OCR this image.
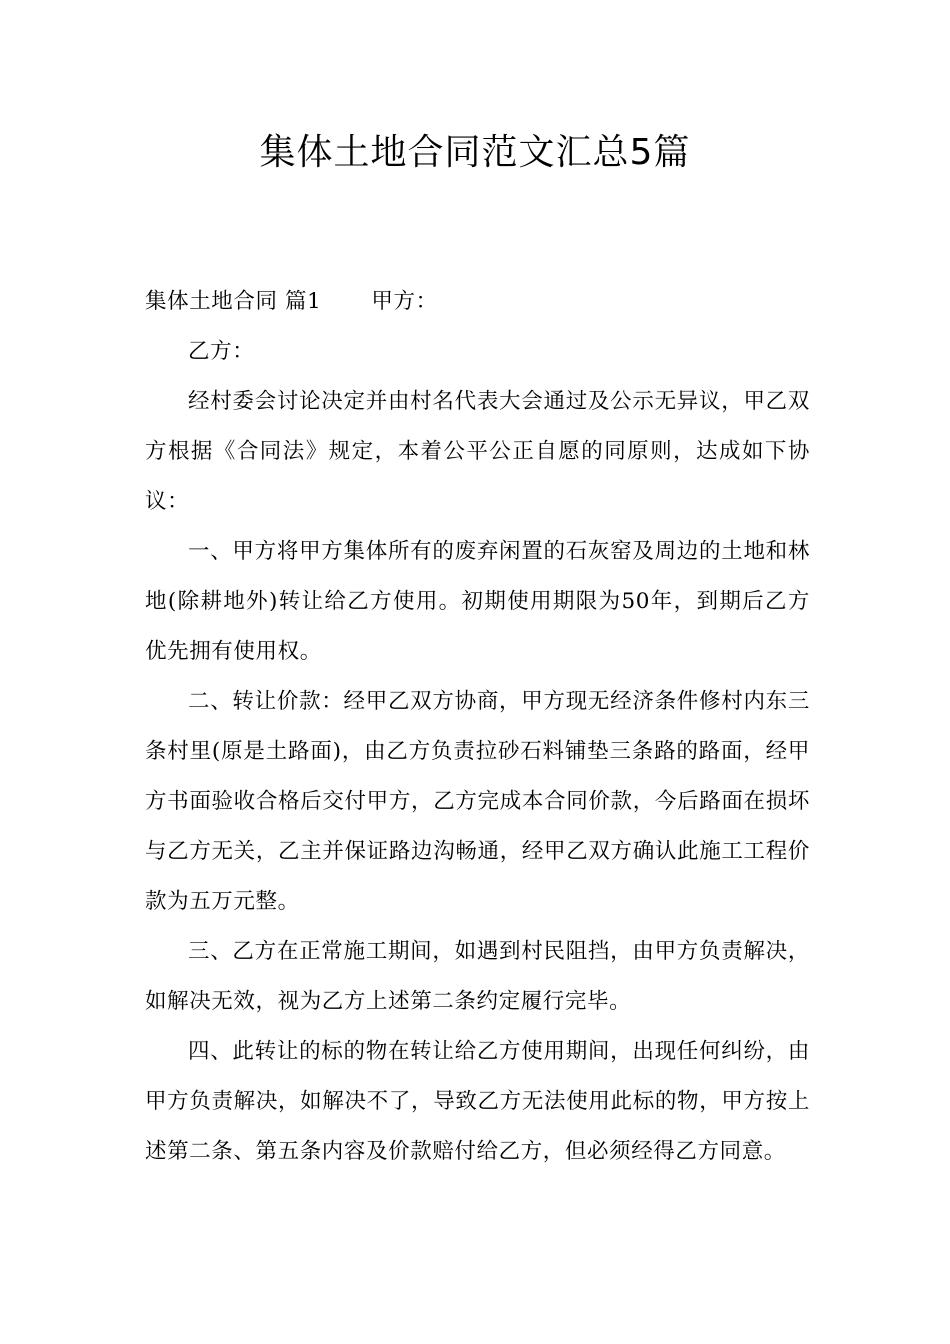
集体土地合同范文汇总5篇

集体土地合同 篇1 甲方：

乙方：

经村委会讨论决定并由村名代表大会通过及公示无异议，甲乙双方根据《合同法》规定，本着公平公正自愿的同原则，达成如下协议：

一、甲方将甲方集体所有的废弃闲置的石灰窑及周边的土地和林地(除耕地外)转让给乙方使用。初期使用期限为50年，到期后乙方优先拥有使用权。

二、转让价款：经甲乙双方协商，甲方现无经济条件修村内东三条村里(原是土路面)，由乙方负责拉砂石料铺垫三条路的路面，经甲方书面验收合格后交付甲方，乙方完成本合同价款，今后路面在损坏与乙方无关，乙主并保证路边沟畅通，经甲乙双方确认此施工工程价款为五万元整。

三、乙方在正常施工期间，如遇到村民阻挡，由甲方负责解决，如解决无效，视为乙方上述第二条约定履行完毕。

四、此转让的标的物在转让给乙方使用期间，出现任何纠纷，由甲方负责解决，如解决不了，导致乙方无法使用此标的物，甲方按上述第二条、第五条内容及价款赔付给乙方，但必须经得乙方同意。
